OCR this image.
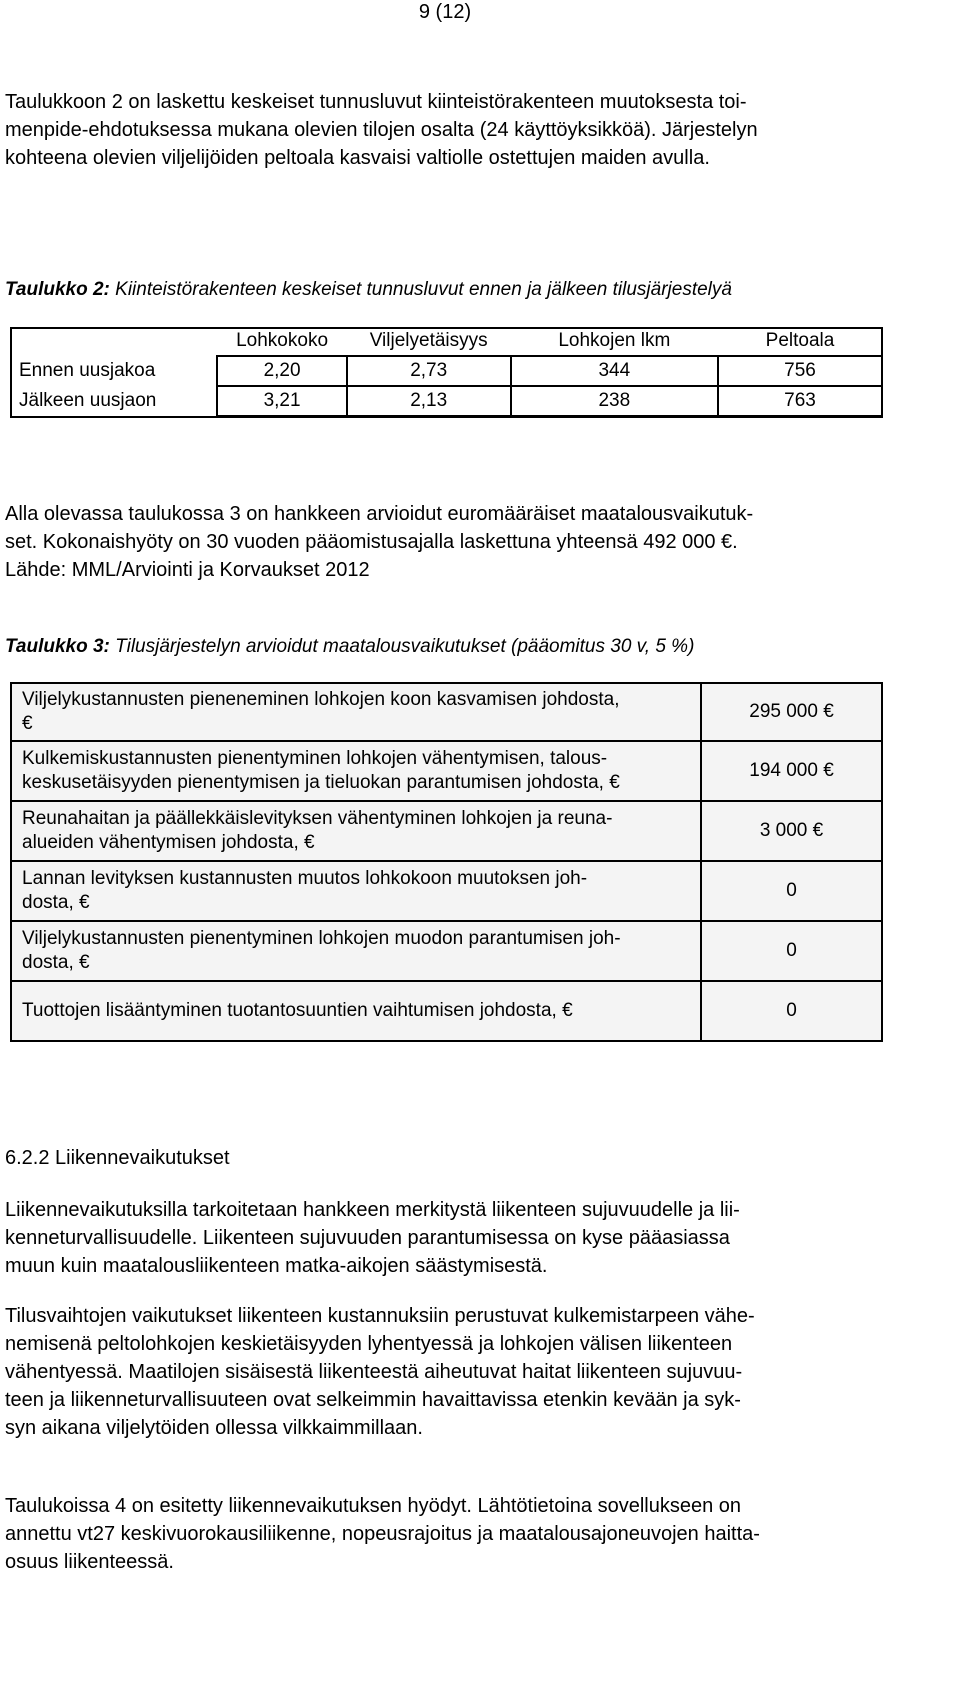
9 (12)
Taulukkoon 2 on laskettu keskeiset tunnusluvut kiinteistörakenteen muutoksesta toi-
menpide-ehdotuksessa mukana olevien tilojen osalta (24 käyttöyksikköä). Järjestelyn
kohteena olevien viljelijöiden peltoala kasvaisi valtiolle ostettujen maiden avulla.
Taulukko 2: Kiinteistörakenteen keskeiset tunnusluvut ennen ja jälkeen tilusjärjestelyä
	Lohkokoko	Viljelyetäisyys	Lohkojen lkm	Peltoala
Ennen uusjakoa	2,20	2,73	344	756
Jälkeen uusjaon	3,21	2,13	238	763
Alla olevassa taulukossa 3 on hankkeen arvioidut euromääräiset maatalousvaikutuk-
set. Kokonaishyöty on 30 vuoden pääomistusajalla laskettuna yhteensä 492 000 €.
Lähde: MML/Arviointi ja Korvaukset 2012
Taulukko 3: Tilusjärjestelyn arvioidut maatalousvaikutukset (pääomitus 30 v, 5 %)
Viljelykustannusten pieneneminen lohkojen koon kasvamisen johdosta,
€	295 000 €

Kulkemiskustannusten pienentyminen lohkojen vähentymisen, talous-
keskusetäisyyden pienentymisen ja tieluokan parantumisen johdosta, €	194 000 €

Reunahaitan ja päällekkäislevityksen vähentyminen lohkojen ja reuna-
alueiden vähentymisen johdosta, €	3 000 €

Lannan levityksen kustannusten muutos lohkokoon muutoksen joh-
dosta, €	0

Viljelykustannusten pienentyminen lohkojen muodon parantumisen joh-
dosta, €	0

Tuottojen lisääntyminen tuotantosuuntien vaihtumisen johdosta, €	0
6.2.2 Liikennevaikutukset
Liikennevaikutuksilla tarkoitetaan hankkeen merkitystä liikenteen sujuvuudelle ja lii-
kenneturvallisuudelle. Liikenteen sujuvuuden parantumisessa on kyse pääasiassa
muun kuin maatalousliikenteen matka-aikojen säästymisestä.
Tilusvaihtojen vaikutukset liikenteen kustannuksiin perustuvat kulkemistarpeen vähe-
nemisenä peltolohkojen keskietäisyyden lyhentyessä ja lohkojen välisen liikenteen
vähentyessä. Maatilojen sisäisestä liikenteestä aiheutuvat haitat liikenteen sujuvuu-
teen ja liikenneturvallisuuteen ovat selkeimmin havaittavissa etenkin kevään ja syk-
syn aikana viljelytöiden ollessa vilkkaimmillaan.
Taulukoissa 4 on esitetty liikennevaikutuksen hyödyt. Lähtötietoina sovellukseen on
annettu vt27 keskivuorokausiliikenne, nopeusrajoitus ja maatalousajoneuvojen haitta-
osuus liikenteessä.
